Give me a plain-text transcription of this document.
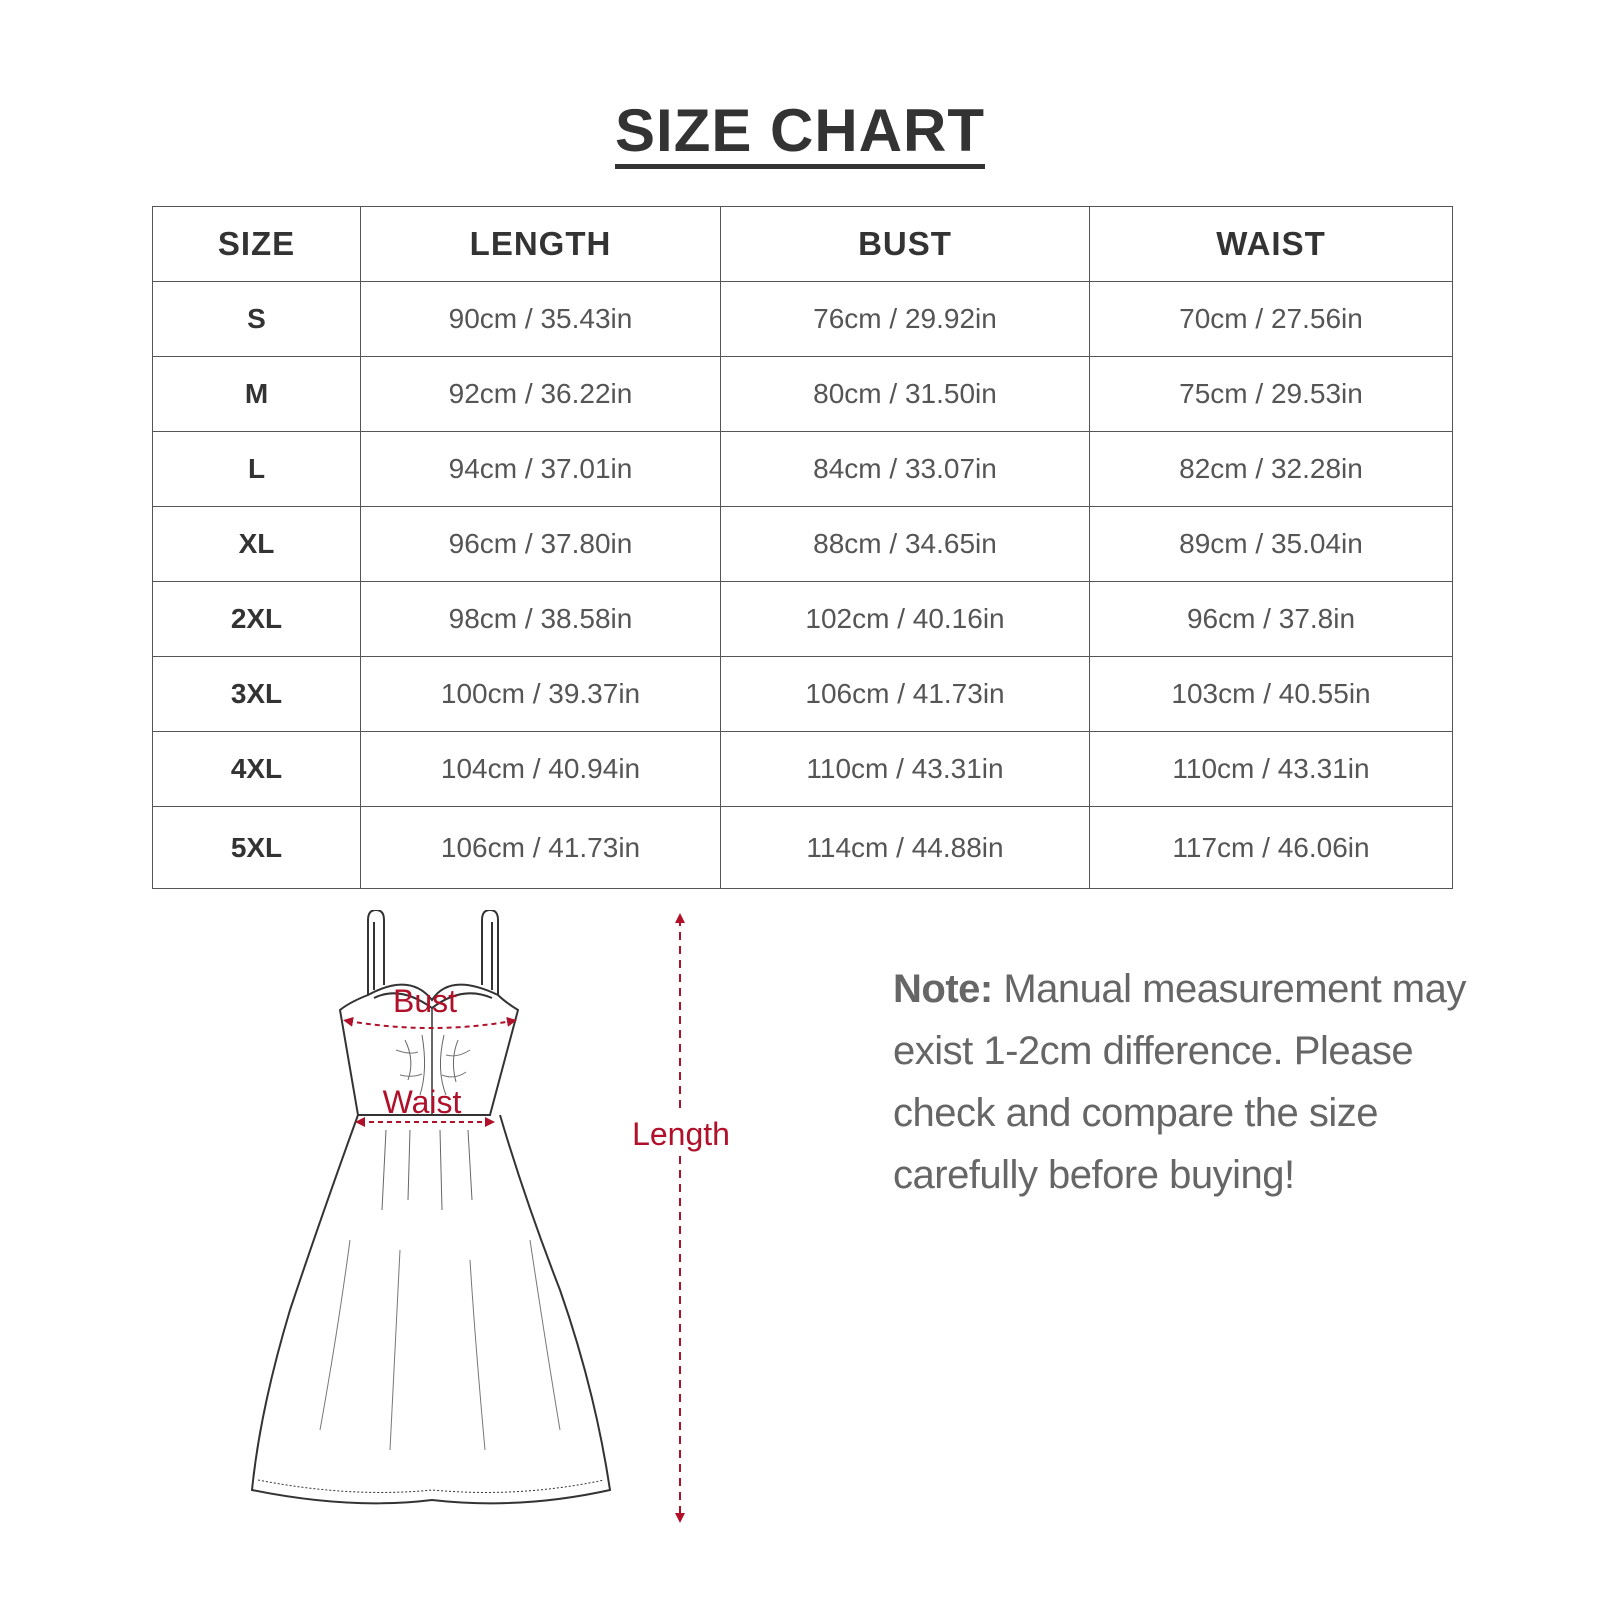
SIZE CHART
SIZE	LENGTH	BUST	WAIST
S	90cm / 35.43in	76cm / 29.92in	70cm / 27.56in
M	92cm / 36.22in	80cm / 31.50in	75cm / 29.53in
L	94cm / 37.01in	84cm / 33.07in	82cm / 32.28in
XL	96cm / 37.80in	88cm / 34.65in	89cm / 35.04in
2XL	98cm / 38.58in	102cm / 40.16in	96cm / 37.8in
3XL	100cm / 39.37in	106cm / 41.73in	103cm / 40.55in
4XL	104cm / 40.94in	110cm / 43.31in	110cm / 43.31in
5XL	106cm / 41.73in	114cm / 44.88in	117cm / 46.06in
Bust
Waist
Length
Note: Manual measurement may exist 1-2cm difference. Please check and compare the size carefully before buying!
